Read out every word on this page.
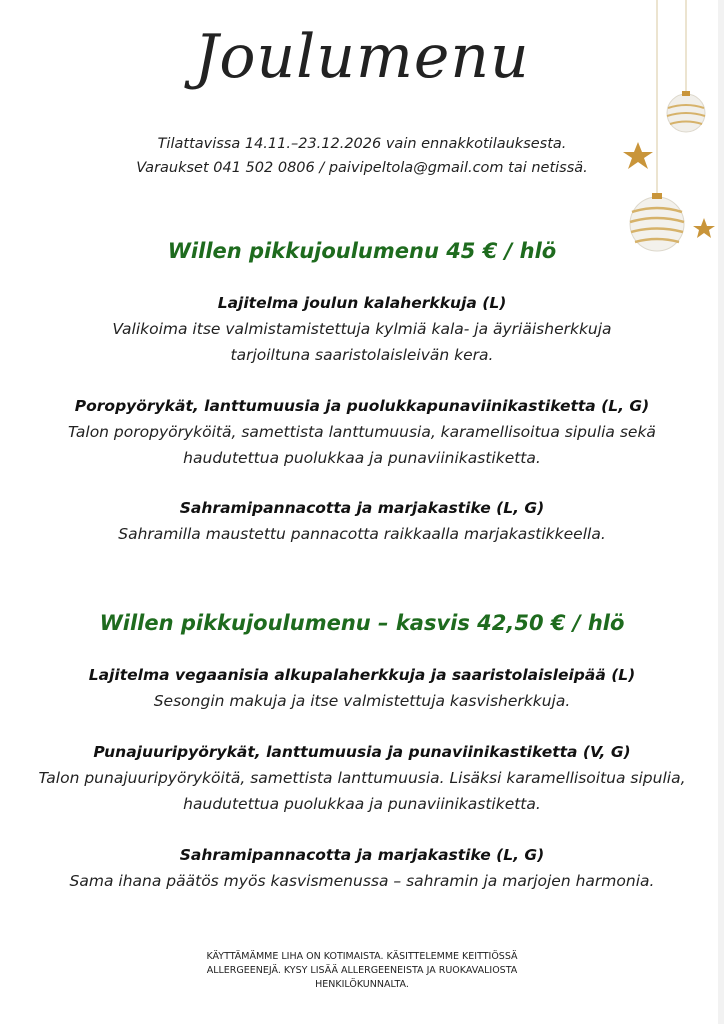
Joulumenu
Tilattavissa 14.11.–23.12.2026 vain ennakkotilauksesta.
Varaukset 041 502 0806 / paivipeltola@gmail.com tai netissä.
Willen pikkujoulumenu 45 € / hlö
Lajitelma joulun kalaherkkuja (L)
Valikoima itse valmistamistettuja kylmiä kala- ja äyriäisherkkuja
tarjoiltuna saaristolaisleivän kera.
Poropyörykät, lanttumuusia ja puolukkapunaviinikastiketta (L, G)
Talon poropyöryköitä, samettista lanttumuusia, karamellisoitua sipulia sekä
haudutettua puolukkaa ja punaviinikastiketta.
Sahramipannacotta ja marjakastike (L, G)
Sahramilla maustettu pannacotta raikkaalla marjakastikkeella.
Willen pikkujoulumenu – kasvis 42,50 € / hlö
Lajitelma vegaanisia alkupalaherkkuja ja saaristolaisleipää (L)
Sesongin makuja ja itse valmistettuja kasvisherkkuja.
Punajuuripyörykät, lanttumuusia ja punaviinikastiketta (V, G)
Talon punajuuripyöryköitä, samettista lanttumuusia. Lisäksi karamellisoitua sipulia,
haudutettua puolukkaa ja punaviinikastiketta.
Sahramipannacotta ja marjakastike (L, G)
Sama ihana päätös myös kasvismenussa – sahramin ja marjojen harmonia.
KÄYTTÄMÄMME LIHA ON KOTIMAISTA. KÄSITTELEMME KEITTIÖSSÄ
ALLERGEENEJÄ. KYSY LISÄÄ ALLERGEENEISTA JA RUOKAVALIOSTA
HENKILÖKUNNALTA.
